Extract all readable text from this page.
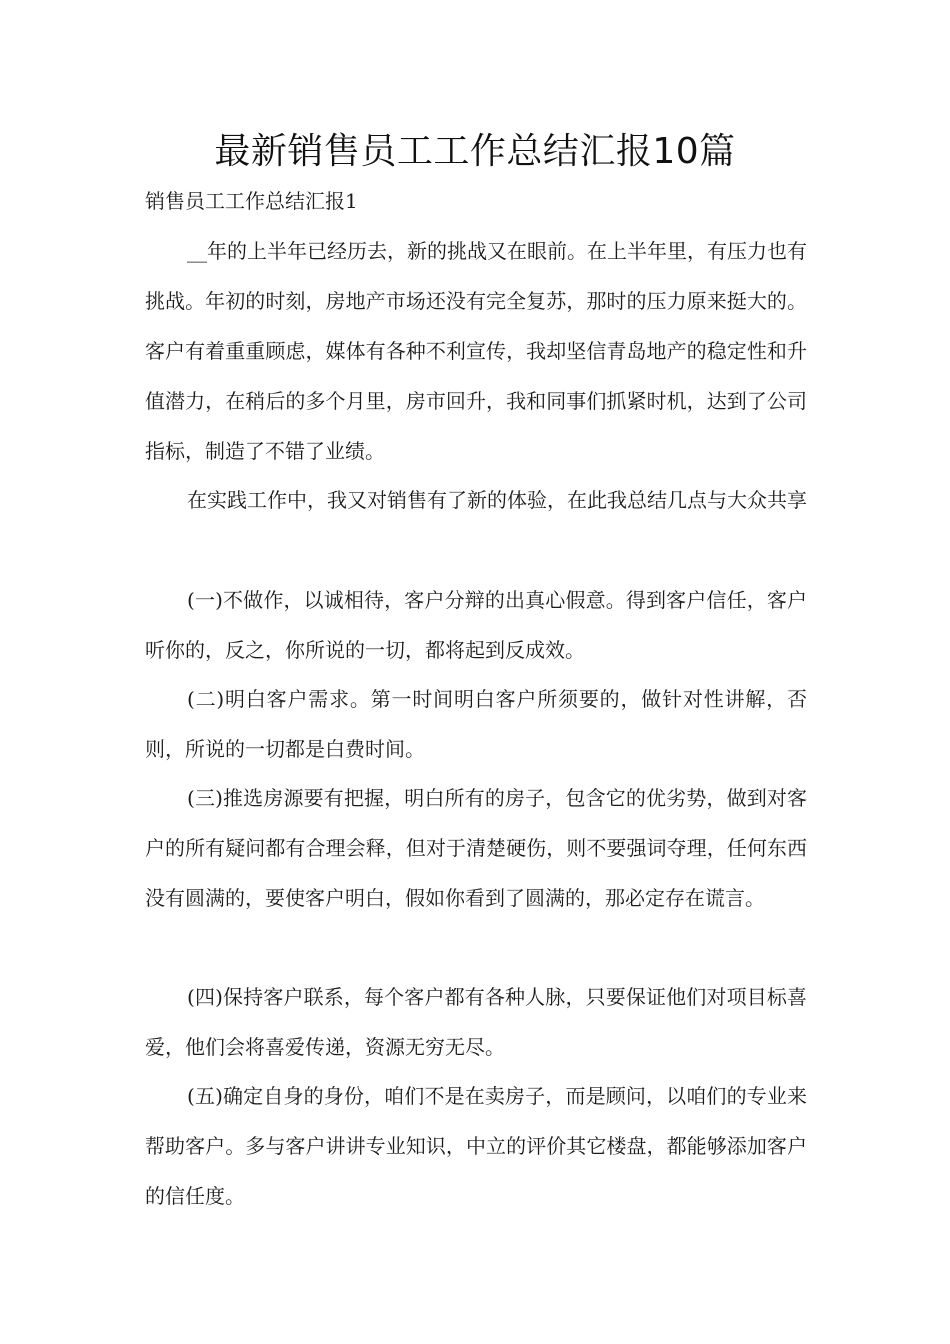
最新销售员工工作总结汇报10篇

销售员工工作总结汇报1

__年的上半年已经历去，新的挑战又在眼前。在上半年里，有压力也有挑战。年初的时刻，房地产市场还没有完全复苏，那时的压力原来挺大的。客户有着重重顾虑，媒体有各种不利宣传，我却坚信青岛地产的稳定性和升值潜力，在稍后的多个月里，房市回升，我和同事们抓紧时机，达到了公司指标，制造了不错了业绩。

在实践工作中，我又对销售有了新的体验，在此我总结几点与大众共享

(一)不做作，以诚相待，客户分辩的出真心假意。得到客户信任，客户听你的，反之，你所说的一切，都将起到反成效。

(二)明白客户需求。第一时间明白客户所须要的，做针对性讲解，否则，所说的一切都是白费时间。

(三)推选房源要有把握，明白所有的房子，包含它的优劣势，做到对客户的所有疑问都有合理会释，但对于清楚硬伤，则不要强词夺理，任何东西没有圆满的，要使客户明白，假如你看到了圆满的，那必定存在谎言。

(四)保持客户联系，每个客户都有各种人脉，只要保证他们对项目标喜爱，他们会将喜爱传递，资源无穷无尽。

(五)确定自身的身份，咱们不是在卖房子，而是顾问，以咱们的专业来帮助客户。多与客户讲讲专业知识，中立的评价其它楼盘，都能够添加客户的信任度。
